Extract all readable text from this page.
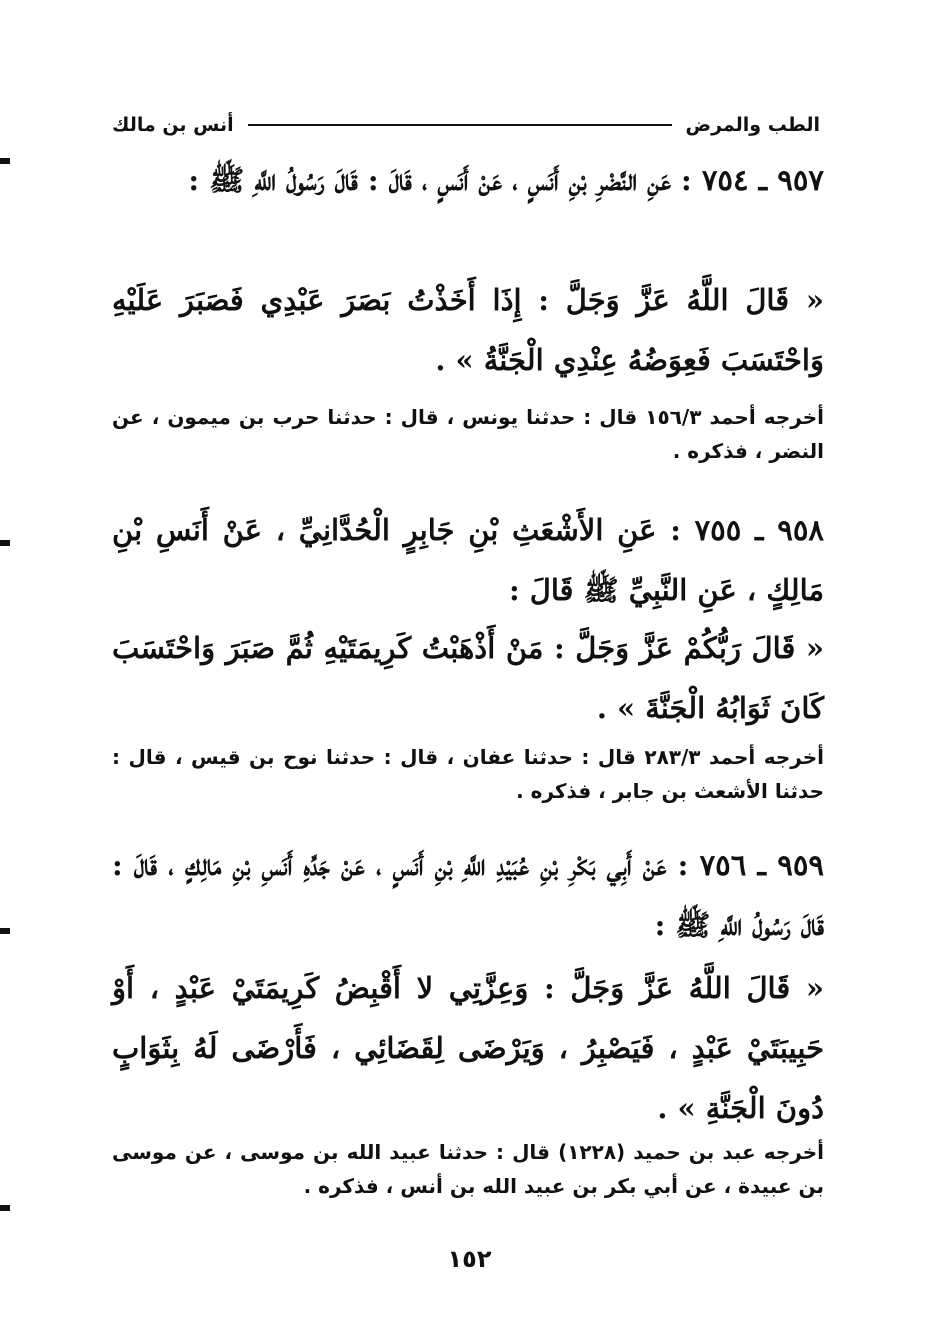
الطب والمرض
أنس بن مالك
٩٥٧ ـ ٧٥٤ : عَنِ النَّضْرِ بْنِ أَنَسٍ ، عَنْ أَنَسٍ ، قَالَ : قَالَ رَسُولُ اللَّهِ ﷺ :
« قَالَ اللَّهُ عَزَّ وَجَلَّ : إِذَا أَخَذْتُ بَصَرَ عَبْدِي فَصَبَرَ عَلَيْهِ وَاحْتَسَبَ فَعِوَضُهُ عِنْدِي الْجَنَّةُ » .
أخرجه أحمد ١٥٦/٣ قال : حدثنا يونس ، قال : حدثنا حرب بن ميمون ، عن النضر ، فذكره .
٩٥٨ ـ ٧٥٥ : عَنِ الأَشْعَثِ بْنِ جَابِرٍ الْحُدَّانِيِّ ، عَنْ أَنَسِ بْنِ مَالِكٍ ، عَنِ النَّبِيِّ ﷺ قَالَ :
« قَالَ رَبُّكُمْ عَزَّ وَجَلَّ : مَنْ أَذْهَبْتُ كَرِيمَتَيْهِ ثُمَّ صَبَرَ وَاحْتَسَبَ كَانَ ثَوَابُهُ الْجَنَّةَ » .
أخرجه أحمد ٢٨٣/٣ قال : حدثنا عفان ، قال : حدثنا نوح بن قيس ، قال : حدثنا الأشعث بن جابر ، فذكره .
٩٥٩ ـ ٧٥٦ : عَنْ أَبِي بَكْرِ بْنِ عُبَيْدِ اللَّهِ بْنِ أَنَسٍ ، عَنْ جَدِّهِ أَنَسِ بْنِ مَالِكٍ ، قَالَ : قَالَ رَسُولُ اللَّهِ ﷺ :
« قَالَ اللَّهُ عَزَّ وَجَلَّ : وَعِزَّتِي لا أَقْبِضُ كَرِيمَتَيْ عَبْدٍ ، أَوْ حَبِيبَتَيْ عَبْدٍ ، فَيَصْبِرُ ، وَيَرْضَى لِقَضَائِي ، فَأَرْضَى لَهُ بِثَوَابٍ دُونَ الْجَنَّةِ » .
أخرجه عبد بن حميد (١٢٢٨) قال : حدثنا عبيد الله بن موسى ، عن موسى بن عبيدة ، عن أبي بكر بن عبيد الله بن أنس ، فذكره .
١٥٢
